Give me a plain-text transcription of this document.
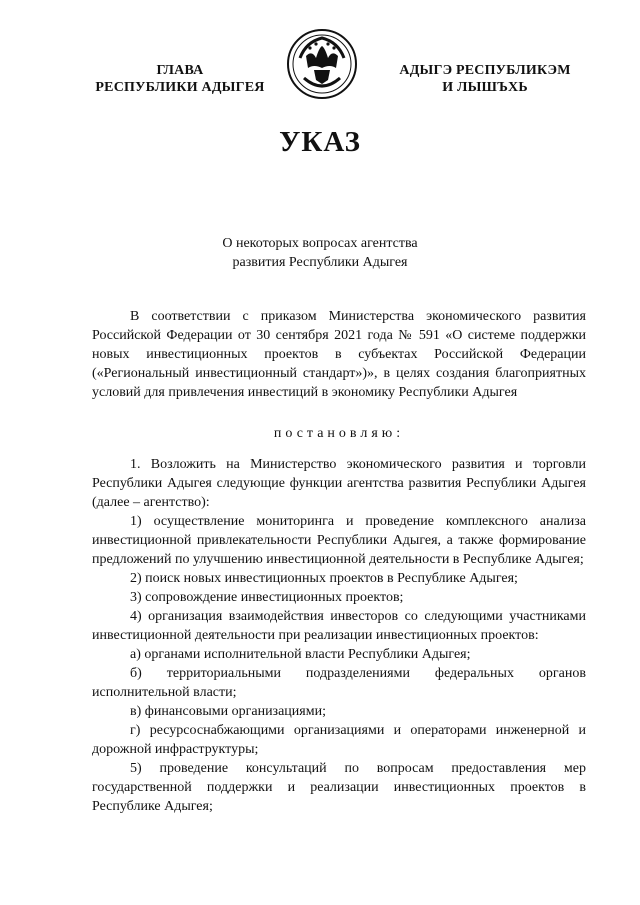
ГЛАВА
РЕСПУБЛИКИ АДЫГЕЯ
АДЫГЭ РЕСПУБЛИКЭМ
И ЛЫШЪХЬ
УКАЗ
О некоторых вопросах агентства
развития Республики Адыгея

В соответствии с приказом Министерства экономического развития Российской Федерации от 30 сентября 2021 года № 591 «О системе поддержки новых инвестиционных проектов в субъектах Российской Федерации («Региональный инвестиционный стандарт»)», в целях создания благоприятных условий для привлечения инвестиций в экономику Республики Адыгея

постановляю:

1. Возложить на Министерство экономического развития и торговли Республики Адыгея следующие функции агентства развития Республики Адыгея (далее – агентство):

1) осуществление мониторинга и проведение комплексного анализа инвестиционной привлекательности Республики Адыгея, а также формирование предложений по улучшению инвестиционной деятельности в Республике Адыгея;

2) поиск новых инвестиционных проектов в Республике Адыгея;

3) сопровождение инвестиционных проектов;

4) организация взаимодействия инвесторов со следующими участниками инвестиционной деятельности при реализации инвестиционных проектов:

а) органами исполнительной власти Республики Адыгея;

б) территориальными подразделениями федеральных органов исполнительной власти;

в) финансовыми организациями;

г) ресурсоснабжающими организациями и операторами инженерной и дорожной инфраструктуры;

5) проведение консультаций по вопросам предоставления мер государственной поддержки и реализации инвестиционных проектов в Республике Адыгея;
